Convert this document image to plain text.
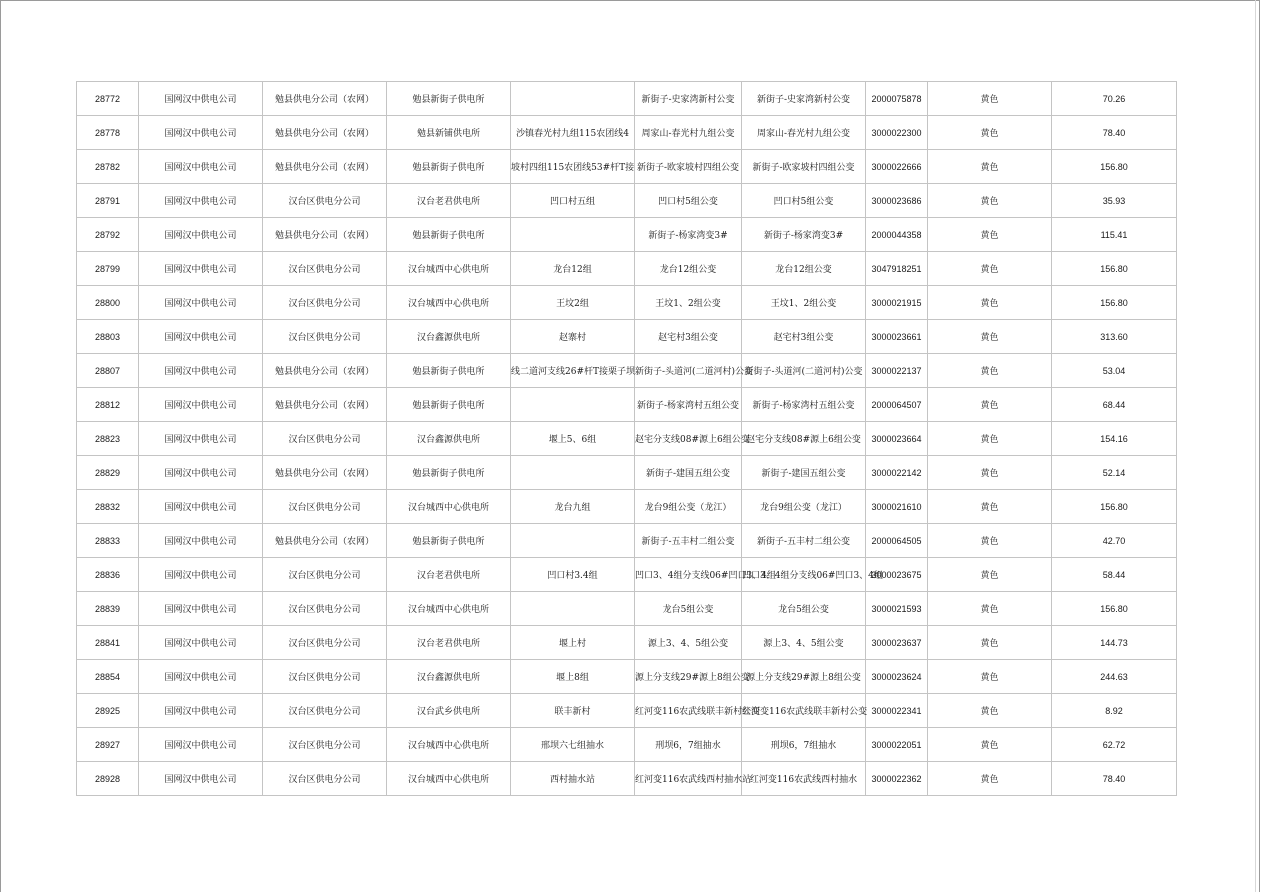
28772	国网汉中供电公司	勉县供电分公司（农网）	勉县新街子供电所		新街子-史家湾新村公变	新街子-史家湾新村公变	2000075878	黄色	70.26
28778	国网汉中供电公司	勉县供电分公司（农网）	勉县新铺供电所	沙镇春光村九组115农团线4	周家山-春光村九组公变	周家山-春光村九组公变	3000022300	黄色	78.40
28782	国网汉中供电公司	勉县供电分公司（农网）	勉县新街子供电所	坡村四组115农团线53#杆T接	新街子-欧家坡村四组公变	新街子-欧家坡村四组公变	3000022666	黄色	156.80
28791	国网汉中供电公司	汉台区供电分公司	汉台老君供电所	凹口村五组	凹口村5组公变	凹口村5组公变	3000023686	黄色	35.93
28792	国网汉中供电公司	勉县供电分公司（农网）	勉县新街子供电所		新街子-杨家湾变3#	新街子-杨家湾变3#	2000044358	黄色	115.41
28799	国网汉中供电公司	汉台区供电分公司	汉台城西中心供电所	龙台12组	龙台12组公变	龙台12组公变	3047918251	黄色	156.80
28800	国网汉中供电公司	汉台区供电分公司	汉台城西中心供电所	王坟2组	王坟1、2组公变	王坟1、2组公变	3000021915	黄色	156.80
28803	国网汉中供电公司	汉台区供电分公司	汉台鑫源供电所	赵寨村	赵宅村3组公变	赵宅村3组公变	3000023661	黄色	313.60
28807	国网汉中供电公司	勉县供电分公司（农网）	勉县新街子供电所	线二道河支线26#杆T接栗子坝	新街子-头道河(二道河村)公变	新街子-头道河(二道河村)公变	3000022137	黄色	53.04
28812	国网汉中供电公司	勉县供电分公司（农网）	勉县新街子供电所		新街子-杨家湾村五组公变	新街子-杨家湾村五组公变	2000064507	黄色	68.44
28823	国网汉中供电公司	汉台区供电分公司	汉台鑫源供电所	堰上5、6组	赵宅分支线08#源上6组公变	赵宅分支线08#源上6组公变	3000023664	黄色	154.16
28829	国网汉中供电公司	勉县供电分公司（农网）	勉县新街子供电所		新街子-建国五组公变	新街子-建国五组公变	3000022142	黄色	52.14
28832	国网汉中供电公司	汉台区供电分公司	汉台城西中心供电所	龙台九组	龙台9组公变（龙江）	龙台9组公变（龙江）	3000021610	黄色	156.80
28833	国网汉中供电公司	勉县供电分公司（农网）	勉县新街子供电所		新街子-五丰村二组公变	新街子-五丰村二组公变	2000064505	黄色	42.70
28836	国网汉中供电公司	汉台区供电分公司	汉台老君供电所	凹口村3.4组	凹口3、4组分支线06#凹口3、4组	凹口3、4组分支线06#凹口3、4组	3000023675	黄色	58.44
28839	国网汉中供电公司	汉台区供电分公司	汉台城西中心供电所		龙台5组公变	龙台5组公变	3000021593	黄色	156.80
28841	国网汉中供电公司	汉台区供电分公司	汉台老君供电所	堰上村	源上3、4、5组公变	源上3、4、5组公变	3000023637	黄色	144.73
28854	国网汉中供电公司	汉台区供电分公司	汉台鑫源供电所	堰上8组	源上分支线29#源上8组公变	源上分支线29#源上8组公变	3000023624	黄色	244.63
28925	国网汉中供电公司	汉台区供电分公司	汉台武乡供电所	联丰新村	红河变116农武线联丰新村公变	红河变116农武线联丰新村公变	3000022341	黄色	8.92
28927	国网汉中供电公司	汉台区供电分公司	汉台城西中心供电所	邢坝六七组抽水	刑坝6，7组抽水	刑坝6，7组抽水	3000022051	黄色	62.72
28928	国网汉中供电公司	汉台区供电分公司	汉台城西中心供电所	西村抽水站	红河变116农武线西村抽水站	红河变116农武线西村抽水	3000022362	黄色	78.40
